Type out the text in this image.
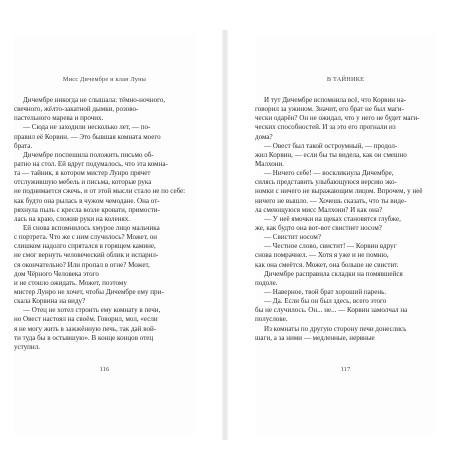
Мисс Дичембре и клан Луны
Дичембре никогда не слышала: тёмно-ночного,
свечного, жёлто-закатной дымки, розово-
пастельного марева и прочих.
— Сюда не заходили несколько лет, — по-
правил её Корвин. — Это бывшая комната моего
брата.
Дичембре поспешила положить письмо об-
ратно на стол. Ей вдруг подумалось, что эта комна-
та — тайник, в котором мистер Лунро прячет
отслужившую мебель и письма, которые рука
не поднимается сжечь, и от этой мысли стало не по себе:
как будто она рылась в чужом чемодане. Она от-
ряхнула пыль с кресла возле кровати, примости-
лась на краю, сложив руки на коленях.
Ей снова вспомнилось хмурое лицо мальчика
с портрета. Что же с ним случилось? Может, он
слишком надолго спрятался в горящем камине,
не смог вернуть человеческий облик и испарил-
ся окончательно? Или пропал в огне? Может,
дом Чёрного Человека этого
и не стоило ожидать. Может, поэтому
мистер Лунро не хочет, чтобы Дичембре ему при-
скала Корвина на виду?
— Отец не хотел строить ему комнату в печи,
но Овест настоял на своём. Говорил, мол, «если
я не могу жить в зажжённую печь, так дай вой-
ти туда бы в остывшую». В конце концов отец
уступил.
116
В ТАЙНИКЕ
И тут Дичембре вспомнила всё, что Корвин на-
говорил за ужином. Значит, его брат не был маги-
чески одарён? Он не ожидал, что у него не будет маги-
ческих способностей. И за это его прогнали из
дома?
— Овест был такой остроумный, — продол-
жил Корвин, — если бы ты видела, как он смешно
Малхони.
— Ничего себе! — воскликнула Дичембре,
силясь представить улыбающуюся версию эко-
номки с ничего не выражающим лицом. Впрочем, у неё
ничего не вышло. — Хочешь сказать, что ты виде-
ла смеющуюся мисс Малхони? И как она?
— У неё ямочки на щеках становятся глубже,
же, как будто она вот-вот свистнет носом?
— Свистит носом?
— Честное слово, свистит! — Корвин вдруг
снова помрачнел. — Хотя я уже и не помню,
как она смеётся. Может, она больше не свистит.
Дичембре расправила складки на помявшейся
подоле.
— Наверное, твой брат хороший парень.
— Да. Если бы он был здесь, всего этого
бы не случилось. Он... не... — Корвин замолчал на
полуслове.
Из комнаты по другую сторону печи донеслись
шаги, а за ними — медленные, нервные
117
